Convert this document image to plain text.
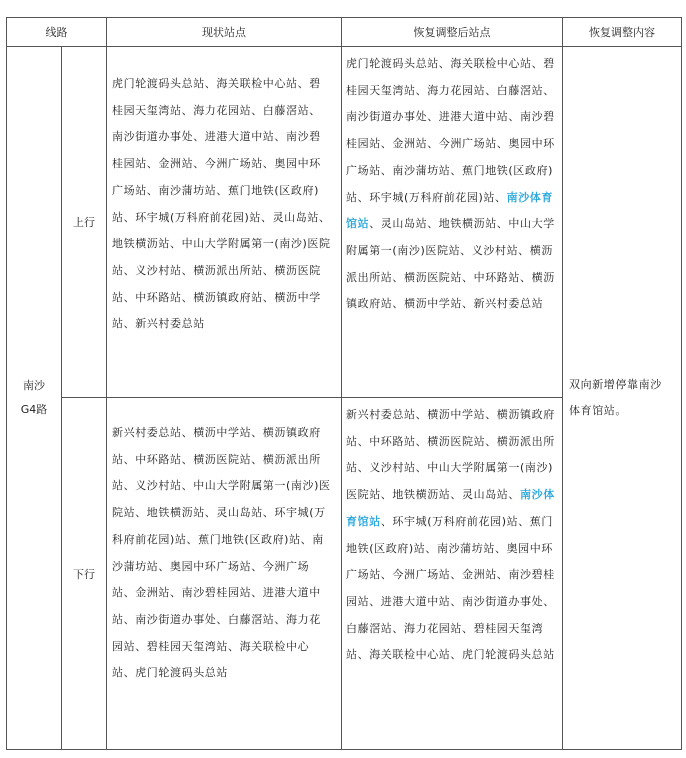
线路		现状站点	恢复调整后站点	恢复调整内容

南沙
G4路	上行	虎门轮渡码头总站、海关联检中心站、碧桂园天玺湾站、海力花园站、白藤滘站、南沙街道办事处、进港大道中站、南沙碧桂园站、金洲站、今洲广场站、奥园中环广场站、南沙蒲坊站、蕉门地铁(区政府)站、环宇城(万科府前花园)站、灵山岛站、地铁横沥站、中山大学附属第一(南沙)医院站、义沙村站、横沥派出所站、横沥医院站、中环路站、横沥镇政府站、横沥中学站、新兴村委总站	虎门轮渡码头总站、海关联检中心站、碧桂园天玺湾站、海力花园站、白藤滘站、南沙街道办事处、进港大道中站、南沙碧桂园站、金洲站、今洲广场站、奥园中环广场站、南沙蒲坊站、蕉门地铁(区政府)站、环宇城(万科府前花园)站、南沙体育馆站、灵山岛站、地铁横沥站、中山大学附属第一(南沙)医院站、义沙村站、横沥派出所站、横沥医院站、中环路站、横沥镇政府站、横沥中学站、新兴村委总站	双向新增停靠南沙体育馆站。

	下行	新兴村委总站、横沥中学站、横沥镇政府站、中环路站、横沥医院站、横沥派出所站、义沙村站、中山大学附属第一(南沙)医院站、地铁横沥站、灵山岛站、环宇城(万科府前花园)站、蕉门地铁(区政府)站、南沙蒲坊站、奥园中环广场站、今洲广场站、金洲站、南沙碧桂园站、进港大道中站、南沙街道办事处、白藤滘站、海力花园站、碧桂园天玺湾站、海关联检中心站、虎门轮渡码头总站	新兴村委总站、横沥中学站、横沥镇政府站、中环路站、横沥医院站、横沥派出所站、义沙村站、中山大学附属第一(南沙)医院站、地铁横沥站、灵山岛站、南沙体育馆站、环宇城(万科府前花园)站、蕉门地铁(区政府)站、南沙蒲坊站、奥园中环广场站、今洲广场站、金洲站、南沙碧桂园站、进港大道中站、南沙街道办事处、白藤滘站、海力花园站、碧桂园天玺湾站、海关联检中心站、虎门轮渡码头总站	
